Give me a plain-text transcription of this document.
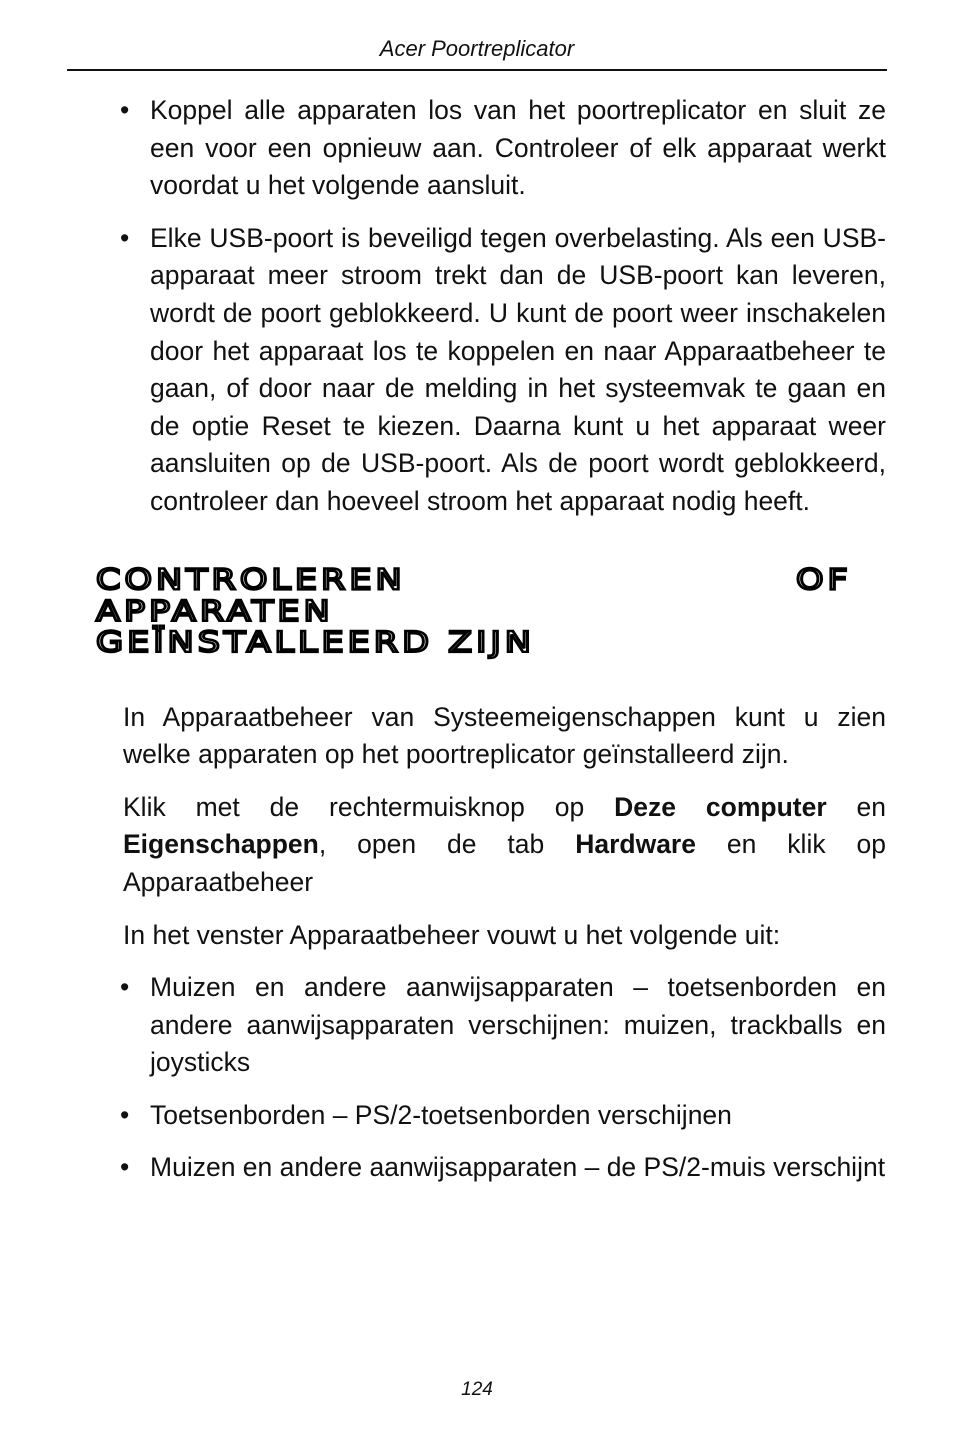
Acer Poortreplicator
• Koppel alle apparaten los van het poortreplicator en sluit ze een voor een opnieuw aan. Controleer of elk apparaat werkt voordat u het volgende aansluit.
• Elke USB-poort is beveiligd tegen overbelasting. Als een USB-apparaat meer stroom trekt dan de USB-poort kan leveren, wordt de poort geblokkeerd. U kunt de poort weer inschakelen door het apparaat los te koppelen en naar Apparaatbeheer te gaan, of door naar de melding in het systeemvak te gaan en de optie Reset te kiezen. Daarna kunt u het apparaat weer aansluiten op de USB-poort. Als de poort wordt geblokkeerd, controleer dan hoeveel stroom het apparaat nodig heeft.
CONTROLEREN	OF
APPARATEN
GEÏNSTALLEERD ZIJN

In Apparaatbeheer van Systeemeigenschappen kunt u zien welke apparaten op het poortreplicator geïnstalleerd zijn.

Klik met de rechtermuisknop op Deze computer en Eigenschappen, open de tab Hardware en klik op Apparaatbeheer

In het venster Apparaatbeheer vouwt u het volgende uit:

• Muizen en andere aanwijsapparaten – toetsenborden en andere aanwijsapparaten verschijnen: muizen, trackballs en joysticks
• Toetsenborden – PS/2-toetsenborden verschijnen
• Muizen en andere aanwijsapparaten – de PS/2-muis verschijnt
124
